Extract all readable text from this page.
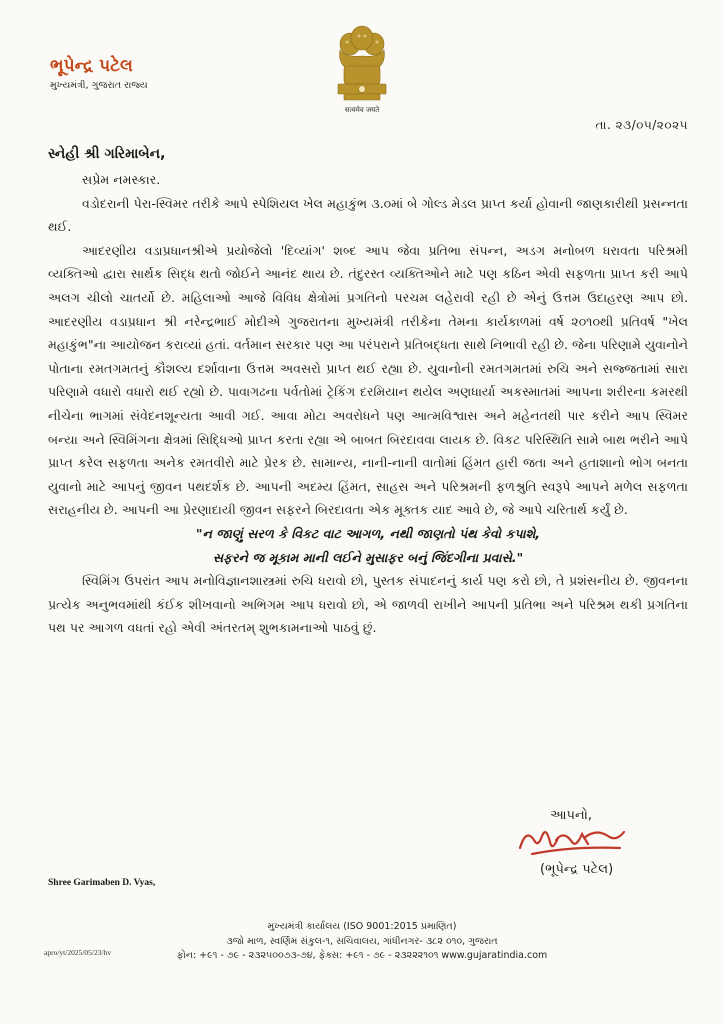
ભૂપેન્દ્ર પટેલ
મુખ્યમંત્રી, ગુજરાત રાજ્ય
सत्यमेव जयते
તા. ૨૩/૦૫/૨૦૨૫
સ્નેહી શ્રી ગરિમાબેન,

સપ્રેમ નમસ્કાર.

વડોદરાની પેરા-સ્વિમર તરીકે આપે સ્પેશિયલ ખેલ મહાકુંભ ૩.૦માં બે ગોલ્ડ મેડલ પ્રાપ્ત કર્યા હોવાની જાણકારીથી પ્રસન્નતા થઈ.

આદરણીય વડાપ્રધાનશ્રીએ પ્રયોજેલો 'દિવ્યાંગ' શબ્દ આપ જેવા પ્રતિભા સંપન્ન, અડગ મનોબળ ધરાવતા પરિશ્રમી વ્યક્તિઓ દ્વારા સાર્થક સિદ્ધ થતો જોઈને આનંદ થાય છે. તંદુરસ્ત વ્યક્તિઓને માટે પણ કઠિન એવી સફળતા પ્રાપ્ત કરી આપે અલગ ચીલો ચાતર્યો છે. મહિલાઓ આજે વિવિધ ક્ષેત્રોમાં પ્રગતિનો પરચમ લહેરાવી રહી છે એનું ઉત્તમ ઉદાહરણ આપ છો. આદરણીય વડાપ્રધાન શ્રી નરેન્દ્રભાઈ મોદીએ ગુજરાતના મુખ્યમંત્રી તરીકેના તેમના કાર્યકાળમાં વર્ષ ૨૦૧૦થી પ્રતિવર્ષ "ખેલ મહાકુંભ"ના આયોજન કરાવ્યાં હતાં. વર્તમાન સરકાર પણ આ પરંપરાને પ્રતિબદ્ધતા સાથે નિભાવી રહી છે. જેના પરિણામે યુવાનોને પોતાના રમતગમતનું કૌશલ્ય દર્શાવાના ઉત્તમ અવસરો પ્રાપ્ત થઈ રહ્યા છે. યુવાનોની રમતગમતમાં રુચિ અને સજ્જતામાં સારા પરિણામે વધારો વધારો થઈ રહ્યો છે. પાવાગઢના પર્વતોમાં ટ્રેકિંગ દરમિયાન થયેલ અણધાર્યા અકસ્માતમાં આપના શરીરના કમરથી નીચેના ભાગમાં સંવેદનશૂન્યતા આવી ગઈ. આવા મોટા અવરોધને પણ આત્મવિશ્વાસ અને મહેનતથી પાર કરીને આપ સ્વિમર બન્યા અને સ્વિમિંગના ક્ષેત્રમાં સિદ્ધિઓ પ્રાપ્ત કરતા રહ્યા એ બાબત બિરદાવવા લાયક છે. વિકટ પરિસ્થિતિ સામે બાથ ભરીને આપે પ્રાપ્ત કરેલ સફળતા અનેક રમતવીરો માટે પ્રેરક છે. સામાન્ય, નાની-નાની વાતોમાં હિંમત હારી જતા અને હતાશાનો ભોગ બનતા યુવાનો માટે આપનું જીવન પથદર્શક છે. આપની અદમ્ય હિંમત, સાહસ અને પરિશ્રમની ફળશ્રુતિ સ્વરૂપે આપને મળેલ સફળતા સરાહનીય છે. આપની આ પ્રેરણાદાયી જીવન સફરને બિરદાવતા એક મૂક્તક યાદ આવે છે, જે આપે ચરિતાર્થ કર્યું છે.

"ન જાણું સરળ કે વિકટ વાટ આગળ, નથી જાણતો પંથ કેવો કપાશે,

સફરને જ મૂકામ માની લઈને મુસાફર બનું જિંદગીના પ્રવાસે."

સ્વિમિંગ ઉપરાંત આપ મનોવિજ્ઞાનશાસ્ત્રમાં રુચિ ધરાવો છો, પુસ્તક સંપાદનનું કાર્ય પણ કરો છો, તે પ્રશંસનીય છે. જીવનના પ્રત્યેક અનુભવમાંથી કંઈક શીખવાનો અભિગમ આપ ધરાવો છો, એ જાળવી રાખીને આપની પ્રતિભા અને પરિશ્રમ થકી પ્રગતિના પથ પર આગળ વધતાં રહો એવી અંતરતમ્ શુભકામનાઓ પાઠવું છું.

આપનો,
(ભૂપેન્દ્ર પટેલ)
Shree Garimaben D. Vyas,
મુખ્યમંત્રી કાર્યાલય (ISO 9001:2015 પ્રમાણિત)
૩જો માળ, સ્વર્ણિમ સંકુલ-૧, સચિવાલય, ગાંધીનગર- ૩૮૨ ૦૧૦, ગુજરાત
ફોન: +૯૧ - ૭૯ - ૨૩૨૫૦૦૭૩-૭૪, ફેક્સ: +૯૧ - ૭૯ - ૨૩૨૨૨૧૦૧ www.gujaratindia.com
apro/yt/2025/05/23/hv
